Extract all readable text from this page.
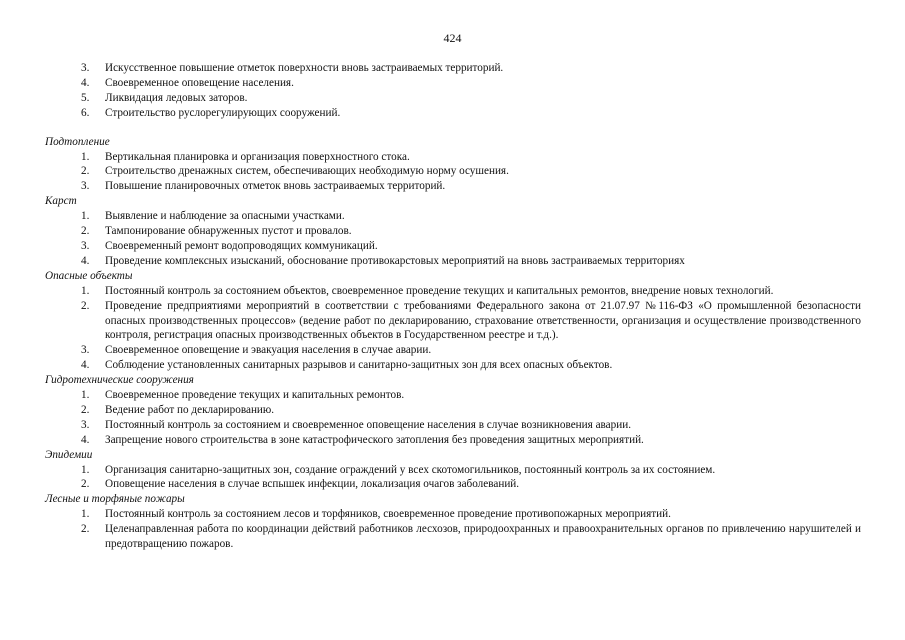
424
3.	Искусственное повышение отметок поверхности вновь застраиваемых территорий.
4.	Своевременное оповещение населения.
5.	Ликвидация ледовых заторов.
6.	Строительство руслорегулирующих сооружений.

Подтопление

1.	Вертикальная планировка и организация поверхностного стока.
2.	Строительство дренажных систем, обеспечивающих необходимую норму осушения.
3.	Повышение планировочных отметок вновь застраиваемых территорий.

Карст

1.	Выявление и наблюдение за опасными участками.
2.	Тампонирование обнаруженных пустот и провалов.
3.	Своевременный ремонт водопроводящих коммуникаций.
4.	Проведение комплексных изысканий, обоснование противокарстовых мероприятий на вновь застраиваемых территориях

Опасные объекты

1.	Постоянный контроль за состоянием объектов, своевременное проведение текущих и капитальных ремонтов, внедрение новых технологий.
2.	Проведение предприятиями мероприятий в соответствии с требованиями Федерального закона от 21.07.97 №116-ФЗ «О промышленной безопасности опасных производственных процессов» (ведение работ по декларированию, страхование ответственности, организация и осуществление производственного контроля, регистрация опасных производственных объектов в Государственном реестре и т.д.).
3.	Своевременное оповещение и эвакуация населения в случае аварии.
4.	Соблюдение установленных санитарных разрывов и санитарно-защитных зон для всех опасных объектов.

Гидротехнические сооружения

1.	Своевременное проведение текущих и капитальных ремонтов.
2.	Ведение работ по декларированию.
3.	Постоянный контроль за состоянием и своевременное оповещение населения в случае возникновения аварии.
4.	Запрещение нового строительства в зоне катастрофического затопления без проведения защитных мероприятий.

Эпидемии

1.	Организация санитарно-защитных зон, создание ограждений у всех скотомогильников, постоянный контроль за их состоянием.
2.	Оповещение населения в случае вспышек инфекции, локализация очагов заболеваний.

Лесные и торфяные пожары

1.	Постоянный контроль за состоянием лесов и торфяников, своевременное проведение противопожарных мероприятий.
2.	Целенаправленная работа по координации действий работников лесхозов, природоохранных и правоохранительных органов по привлечению нарушителей и предотвращению пожаров.
